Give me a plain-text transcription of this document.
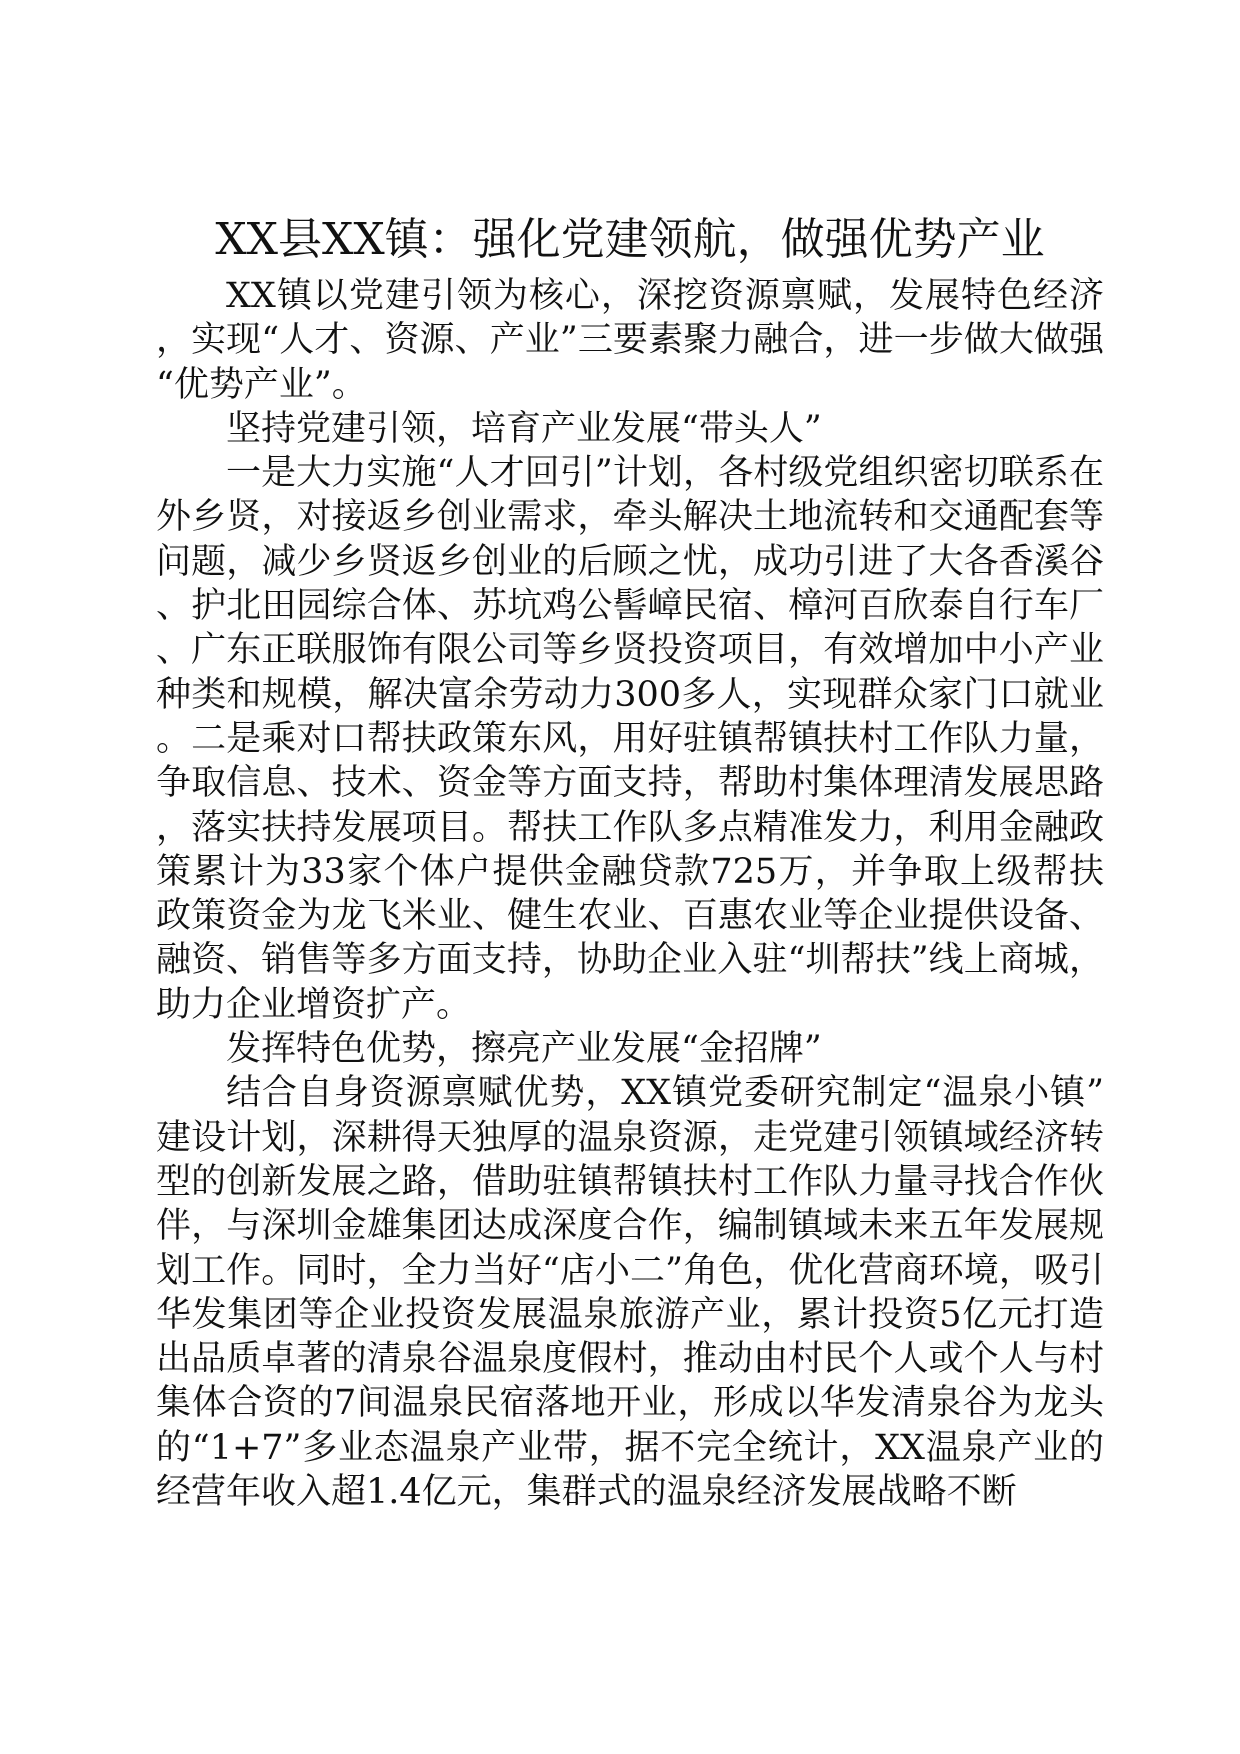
XX县XX镇：强化党建领航，做强优势产业

XX镇以党建引领为核心，深挖资源禀赋，发展特色经济，实现“人才、资源、产业”三要素聚力融合，进一步做大做强“优势产业”。

坚持党建引领，培育产业发展“带头人”

一是大力实施“人才回引”计划，各村级党组织密切联系在外乡贤，对接返乡创业需求，牵头解决土地流转和交通配套等问题，减少乡贤返乡创业的后顾之忧，成功引进了大各香溪谷、护北田园综合体、苏坑鸡公髻嶂民宿、樟河百欣泰自行车厂、广东正联服饰有限公司等乡贤投资项目，有效增加中小产业种类和规模，解决富余劳动力300多人，实现群众家门口就业。二是乘对口帮扶政策东风，用好驻镇帮镇扶村工作队力量，争取信息、技术、资金等方面支持，帮助村集体理清发展思路，落实扶持发展项目。帮扶工作队多点精准发力，利用金融政策累计为33家个体户提供金融贷款725万，并争取上级帮扶政策资金为龙飞米业、健生农业、百惠农业等企业提供设备、融资、销售等多方面支持，协助企业入驻“圳帮扶”线上商城，助力企业增资扩产。

发挥特色优势，擦亮产业发展“金招牌”

结合自身资源禀赋优势，XX镇党委研究制定“温泉小镇”建设计划，深耕得天独厚的温泉资源，走党建引领镇域经济转型的创新发展之路，借助驻镇帮镇扶村工作队力量寻找合作伙伴，与深圳金雄集团达成深度合作，编制镇域未来五年发展规划工作。同时，全力当好“店小二”角色，优化营商环境，吸引华发集团等企业投资发展温泉旅游产业，累计投资5亿元打造出品质卓著的清泉谷温泉度假村，推动由村民个人或个人与村集体合资的7间温泉民宿落地开业，形成以华发清泉谷为龙头的“1+7”多业态温泉产业带，据不完全统计，XX温泉产业的经营年收入超1.4亿元，集群式的温泉经济发展战略不断
